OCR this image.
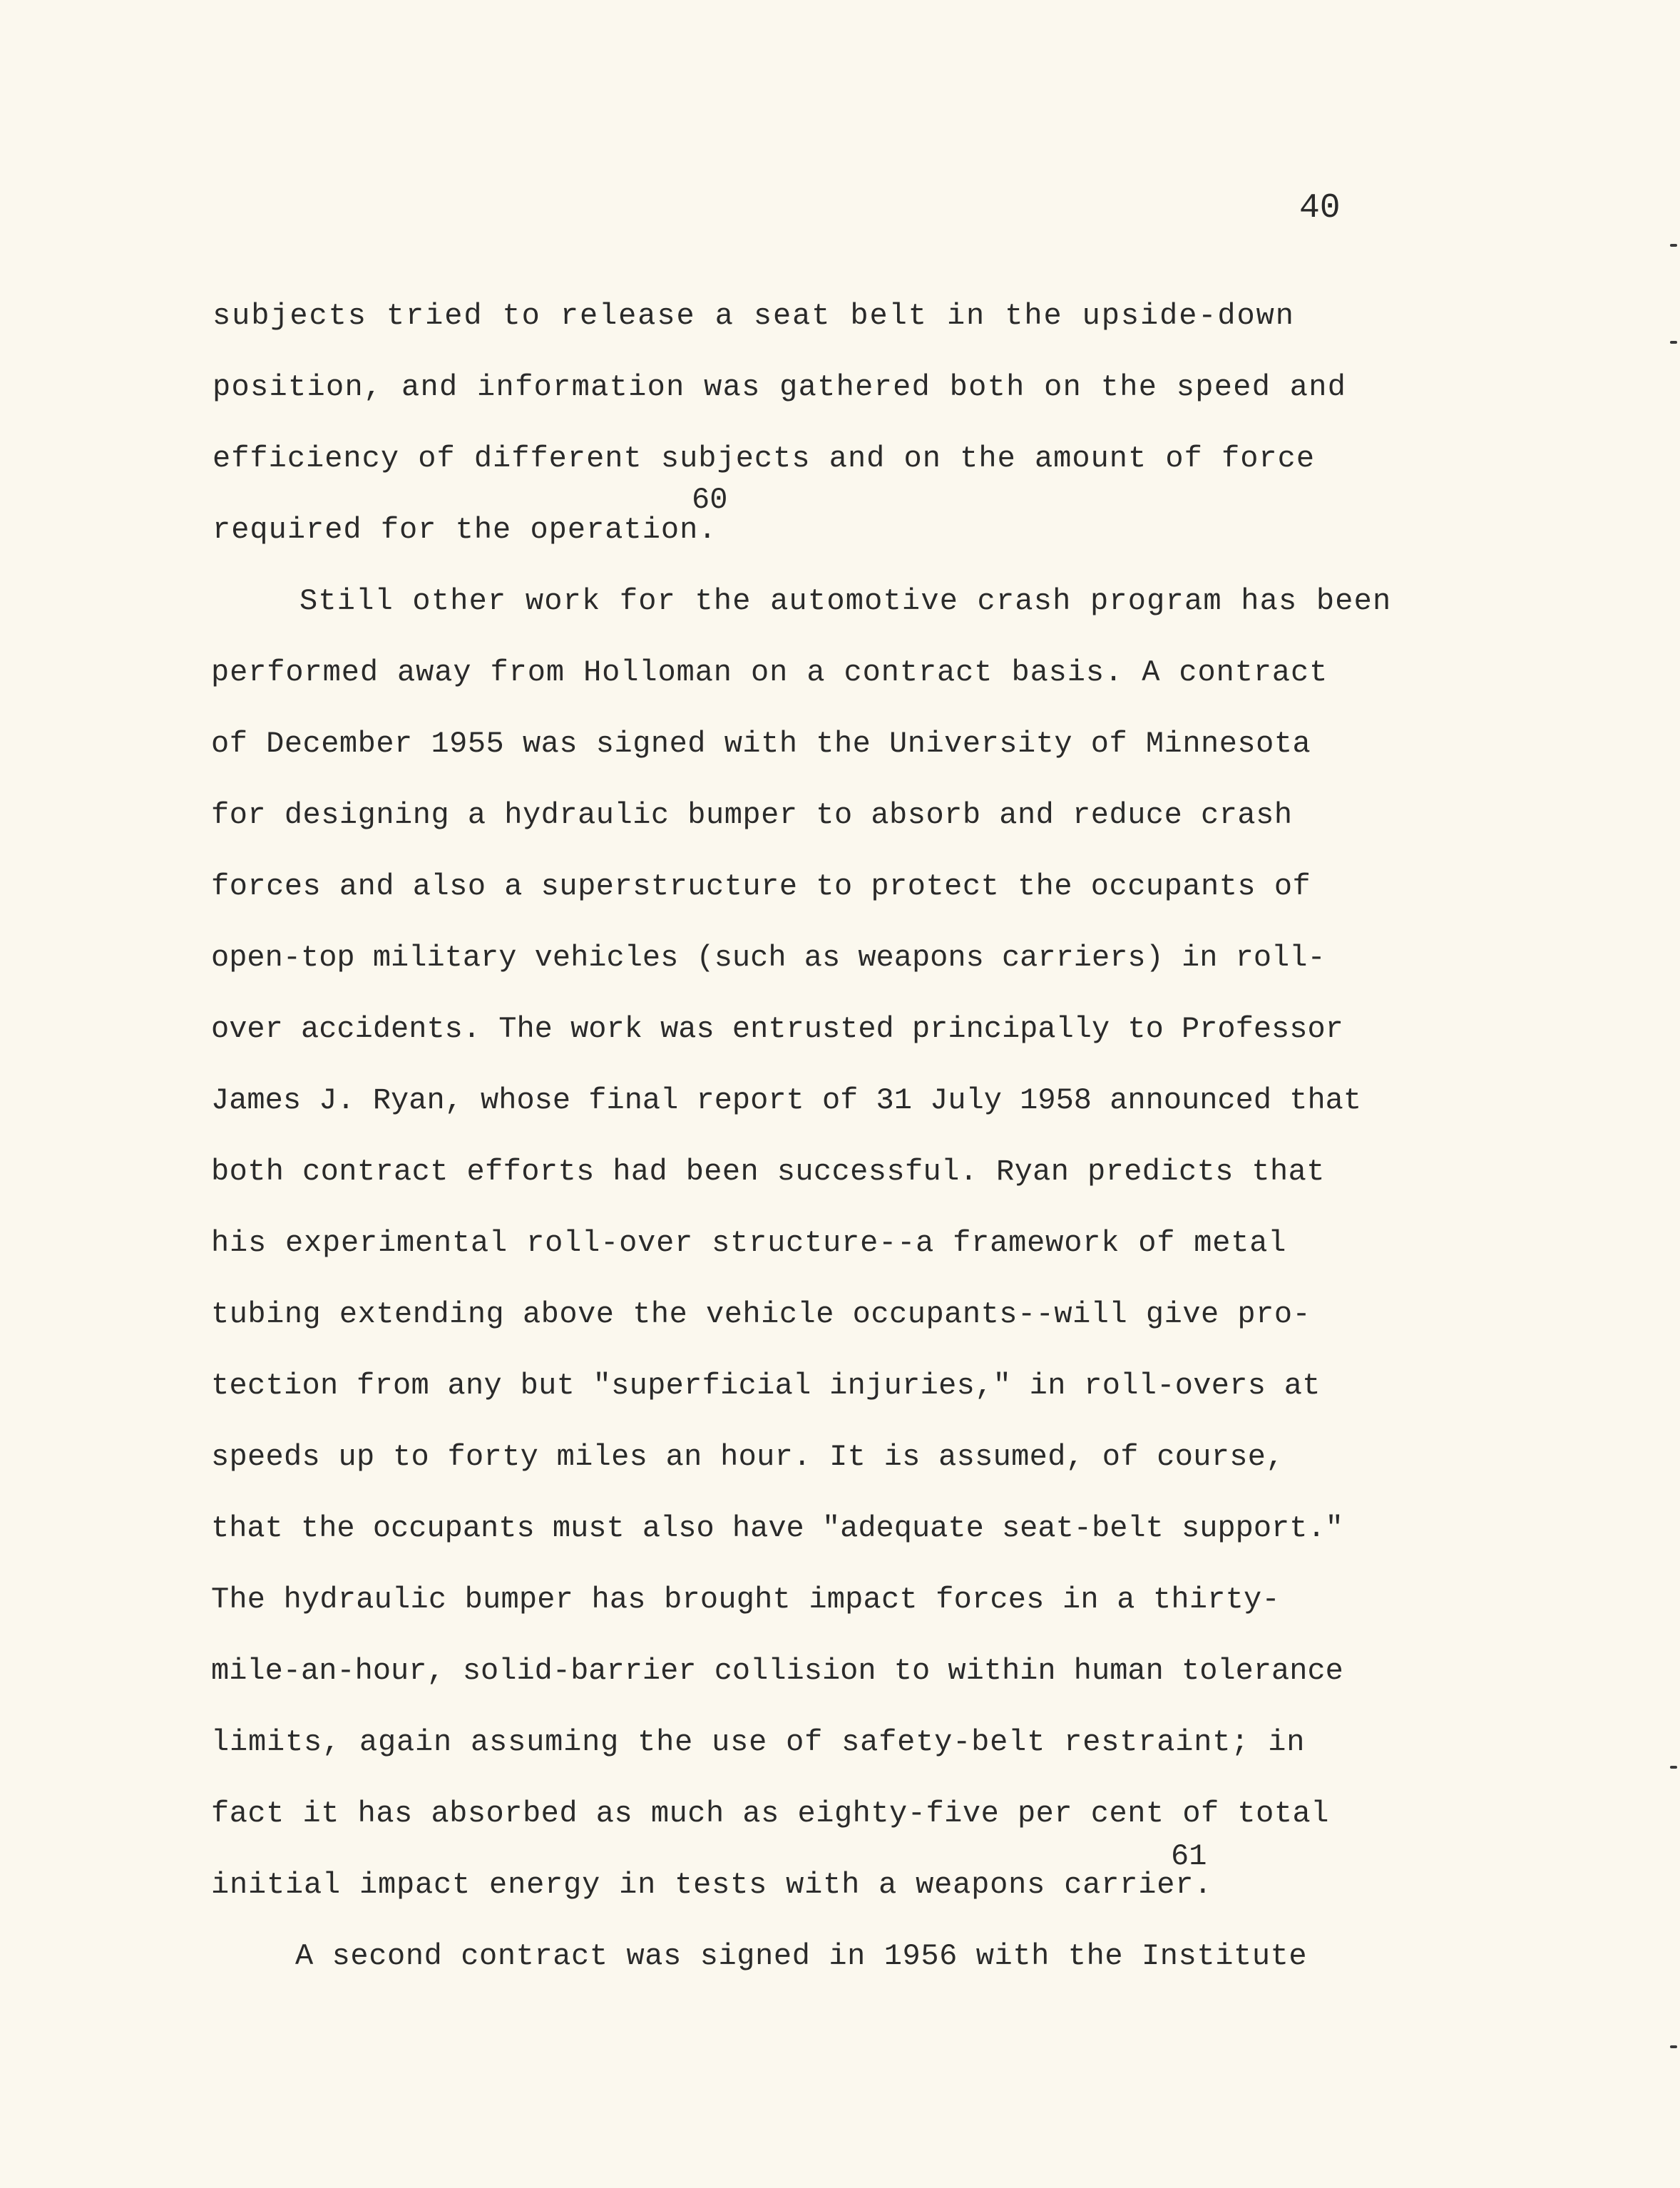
40
subjects tried to release a seat belt in the upside-down
position, and information was gathered both on the speed and
efficiency of different subjects and on the amount of force
required for the operation.
60
Still other work for the automotive crash program has been
performed away from Holloman on a contract basis. A contract
of December 1955 was signed with the University of Minnesota
for designing a hydraulic bumper to absorb and reduce crash
forces and also a superstructure to protect the occupants of
open-top military vehicles (such as weapons carriers) in roll-
over accidents. The work was entrusted principally to Professor
James J. Ryan, whose final report of 31 July 1958 announced that
both contract efforts had been successful. Ryan predicts that
his experimental roll-over structure--a framework of metal
tubing extending above the vehicle occupants--will give pro-
tection from any but "superficial injuries," in roll-overs at
speeds up to forty miles an hour. It is assumed, of course,
that the occupants must also have "adequate seat-belt support."
The hydraulic bumper has brought impact forces in a thirty-
mile-an-hour, solid-barrier collision to within human tolerance
limits, again assuming the use of safety-belt restraint; in
fact it has absorbed as much as eighty-five per cent of total
initial impact energy in tests with a weapons carrier.
61
A second contract was signed in 1956 with the Institute
